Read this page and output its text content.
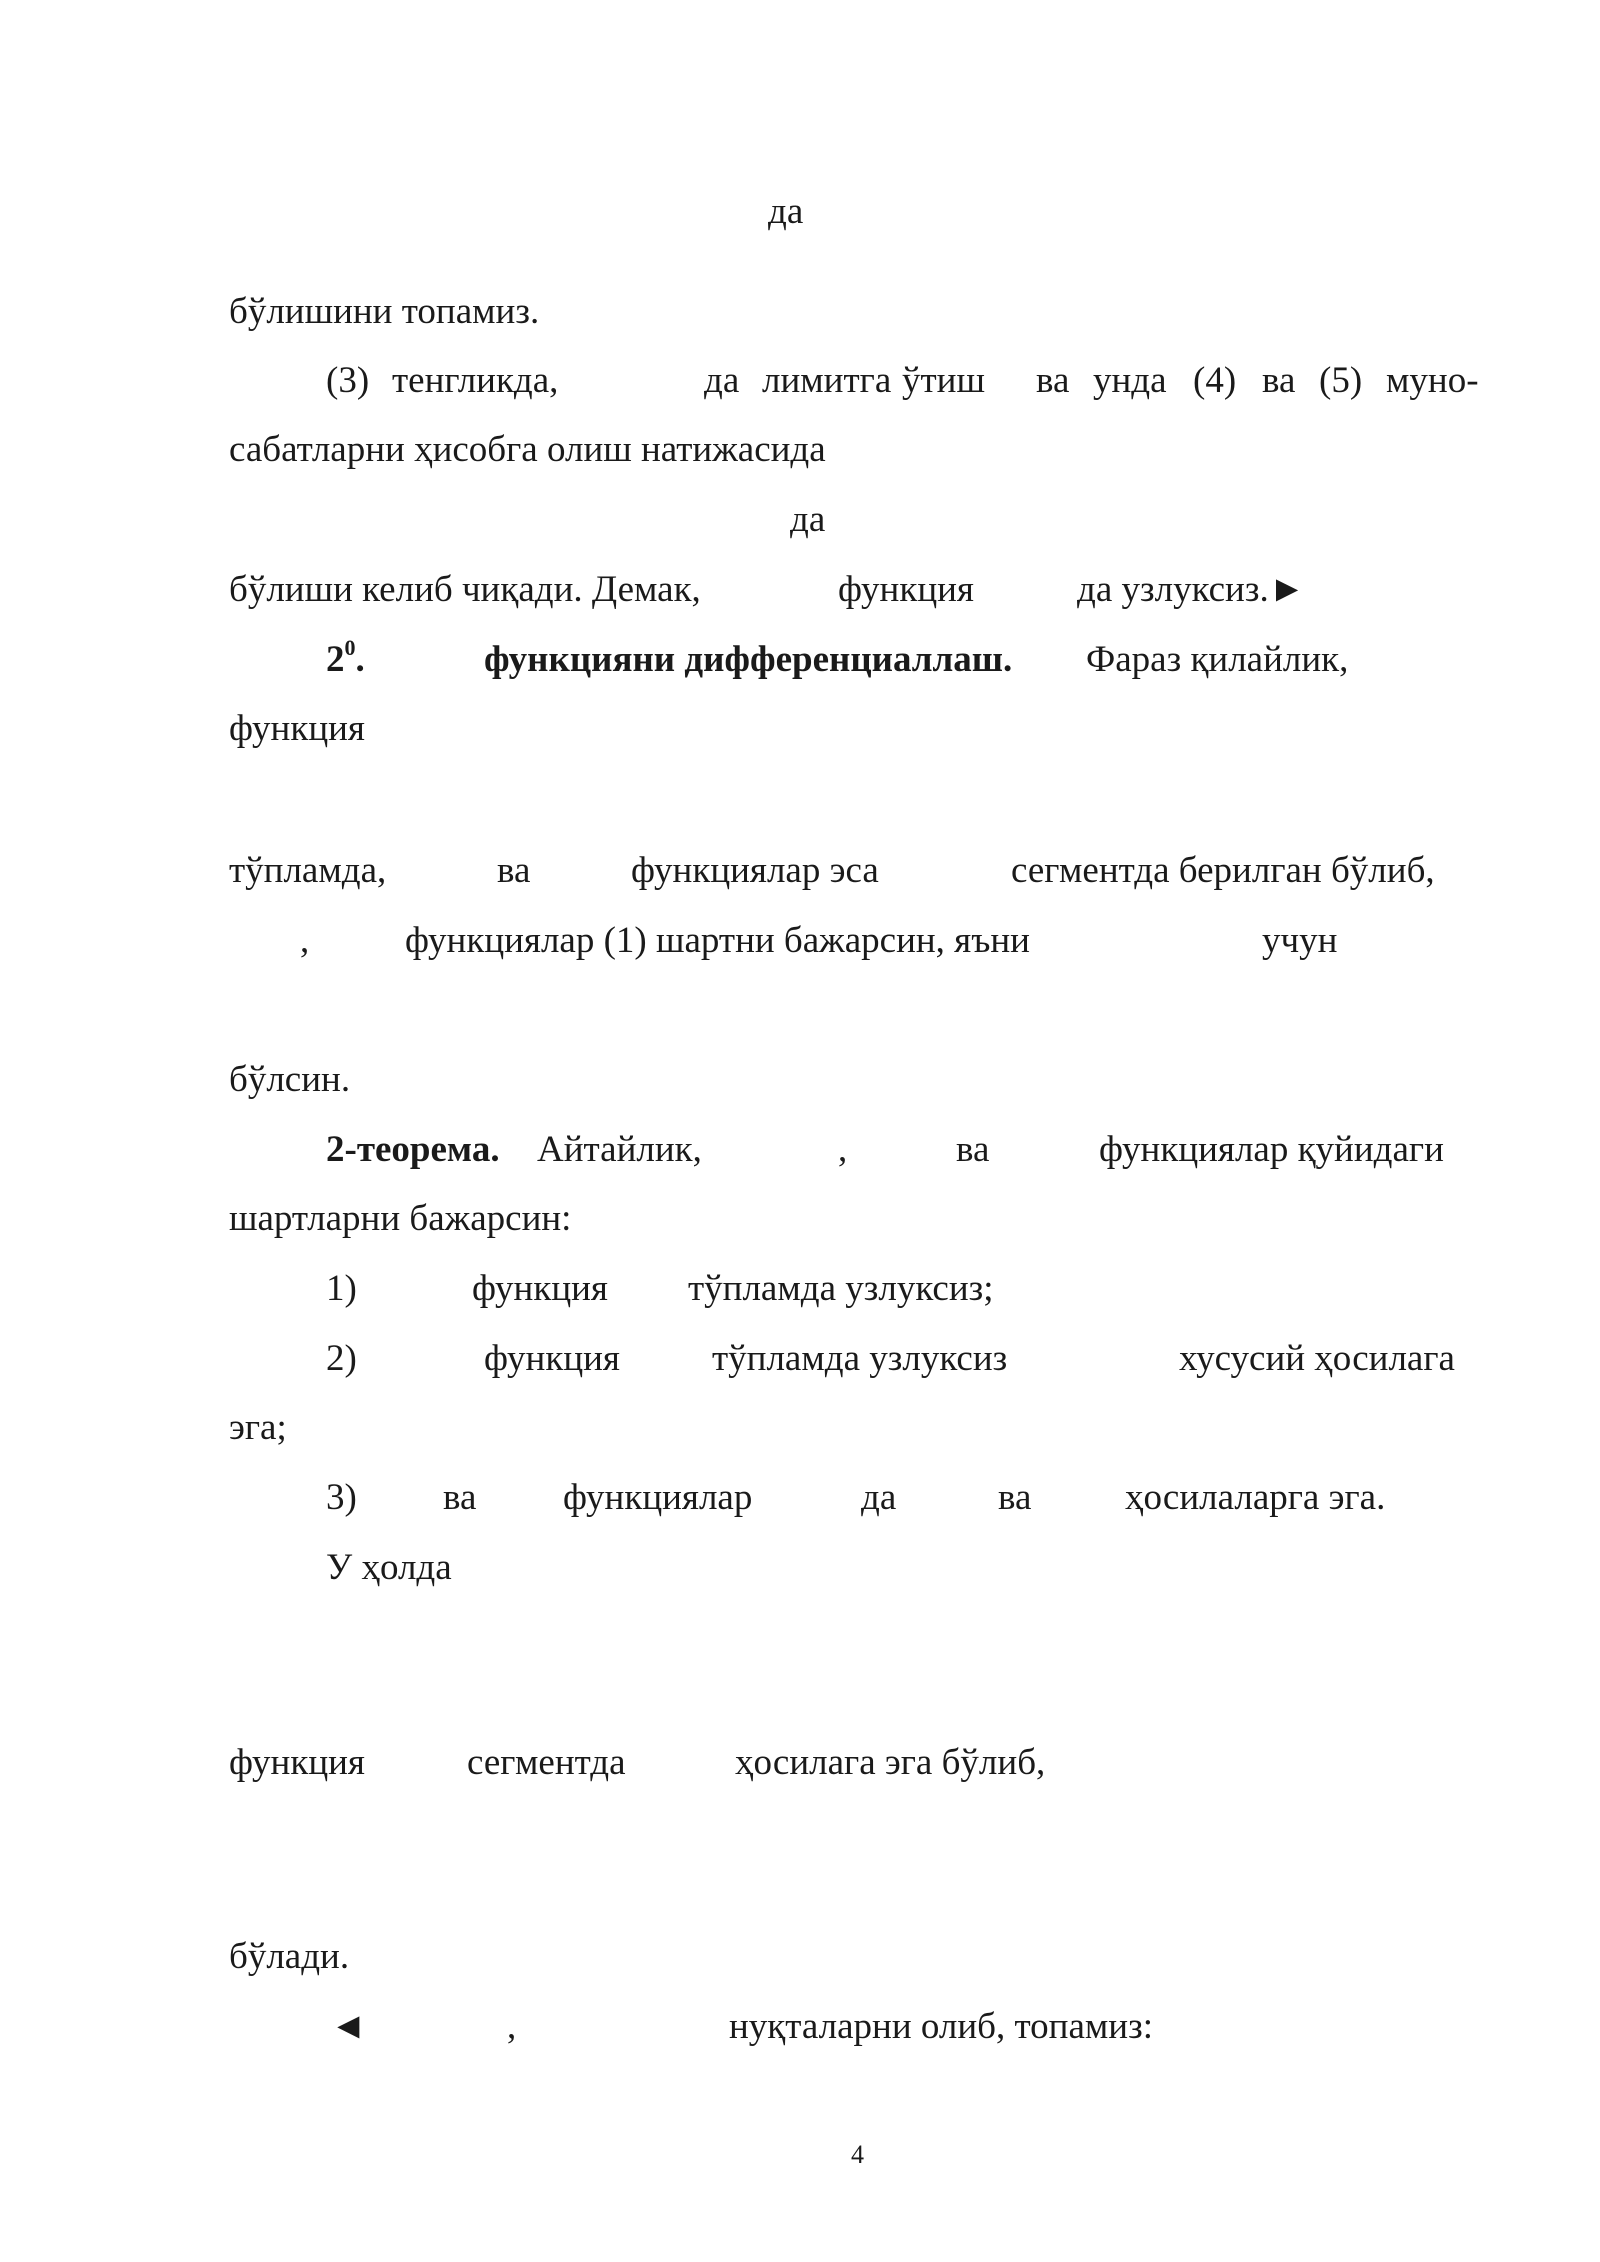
да
бўлишини топамиз.
(3) тенгликда,	да лимитга ўтиш ва унда (4) ва (5) муно-
сабатларни ҳисобга олиш натижасида
да
бўлиши келиб чиқади. Демак,	функция	да узлуксиз.►
$2^0$.	функцияни дифференциаллаш. Фараз қилайлик,
функция
тўпламда,	ва	функциялар эса	сегментда берилган бўлиб,
,	функциялар (1) шартни бажарсин, яъни	учун
бўлсин.
2-теорема. Айтайлик,	,	ва	функциялар қуйидаги
шартларни бажарсин:
1)	функция тўпламда узлуксиз;
2)	функция тўпламда узлуксиз	хусусий ҳосилага
эга;
3) ва функциялар	да	ва	ҳосилаларга эга.
У ҳолда
функция	сегментда	ҳосилага эга бўлиб,
бўлади.
◄	,	нуқталарни олиб, топамиз:
4
